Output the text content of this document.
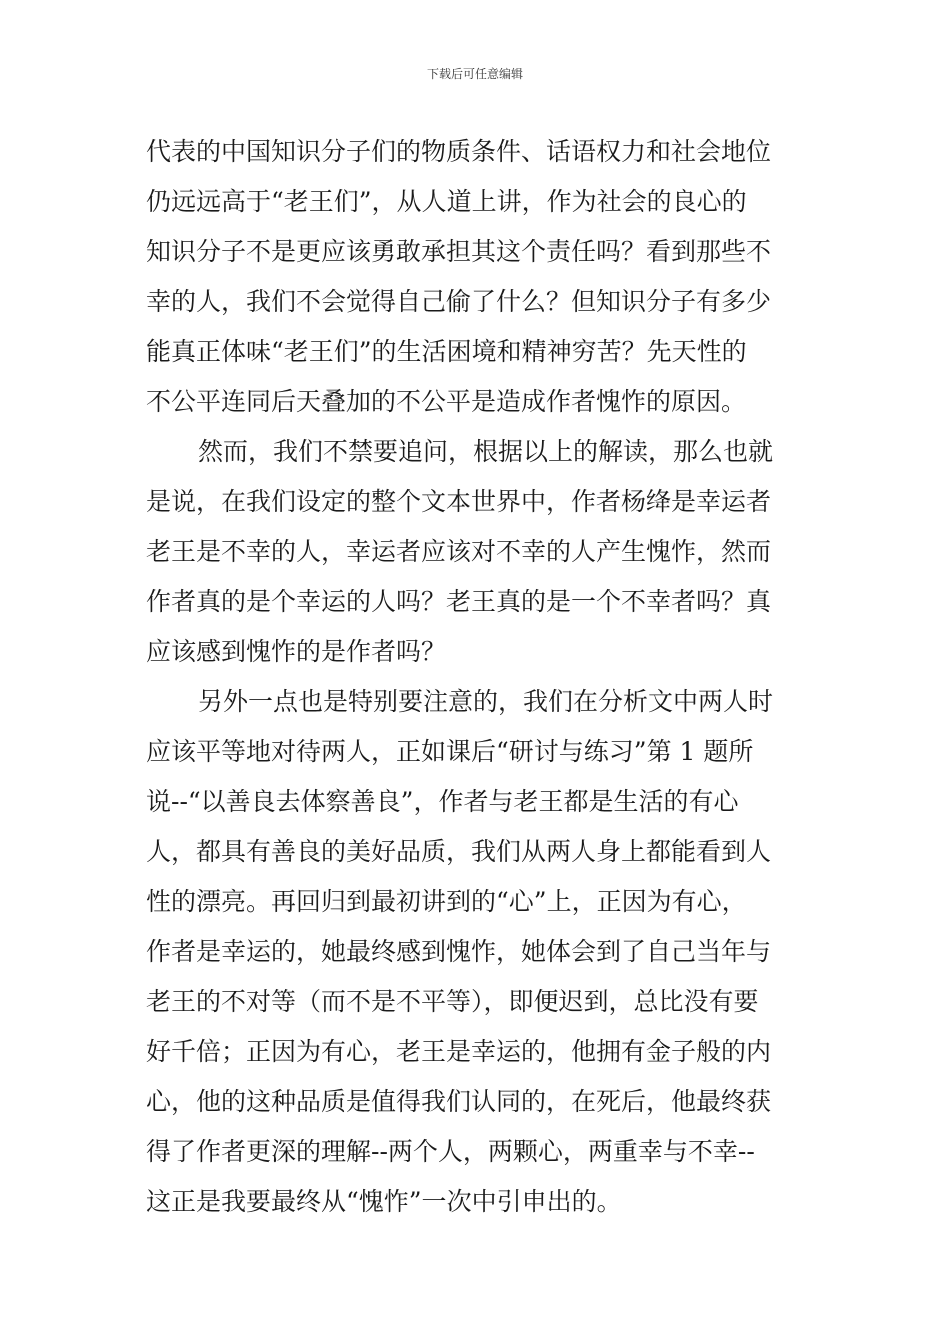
下载后可任意编辑
代表的中国知识分子们的物质条件、话语权力和社会地位
仍远远高于“老王们”，从人道上讲，作为社会的良心的
知识分子不是更应该勇敢承担其这个责任吗？看到那些不
幸的人，我们不会觉得自己偷了什么？但知识分子有多少
能真正体味“老王们”的生活困境和精神穷苦？先天性的
不公平连同后天叠加的不公平是造成作者愧怍的原因。
然而，我们不禁要追问，根据以上的解读，那么也就
是说，在我们设定的整个文本世界中，作者杨绛是幸运者
老王是不幸的人，幸运者应该对不幸的人产生愧怍，然而
作者真的是个幸运的人吗？老王真的是一个不幸者吗？真
应该感到愧怍的是作者吗？
另外一点也是特别要注意的，我们在分析文中两人时
应该平等地对待两人，正如课后“研讨与练习”第 1 题所
说--“以善良去体察善良”，作者与老王都是生活的有心
人，都具有善良的美好品质，我们从两人身上都能看到人
性的漂亮。再回归到最初讲到的“心”上，正因为有心，
作者是幸运的，她最终感到愧怍，她体会到了自己当年与
老王的不对等（而不是不平等），即便迟到，总比没有要
好千倍；正因为有心，老王是幸运的，他拥有金子般的内
心，他的这种品质是值得我们认同的，在死后，他最终获
得了作者更深的理解--两个人，两颗心，两重幸与不幸--
这正是我要最终从“愧怍”一次中引申出的。
